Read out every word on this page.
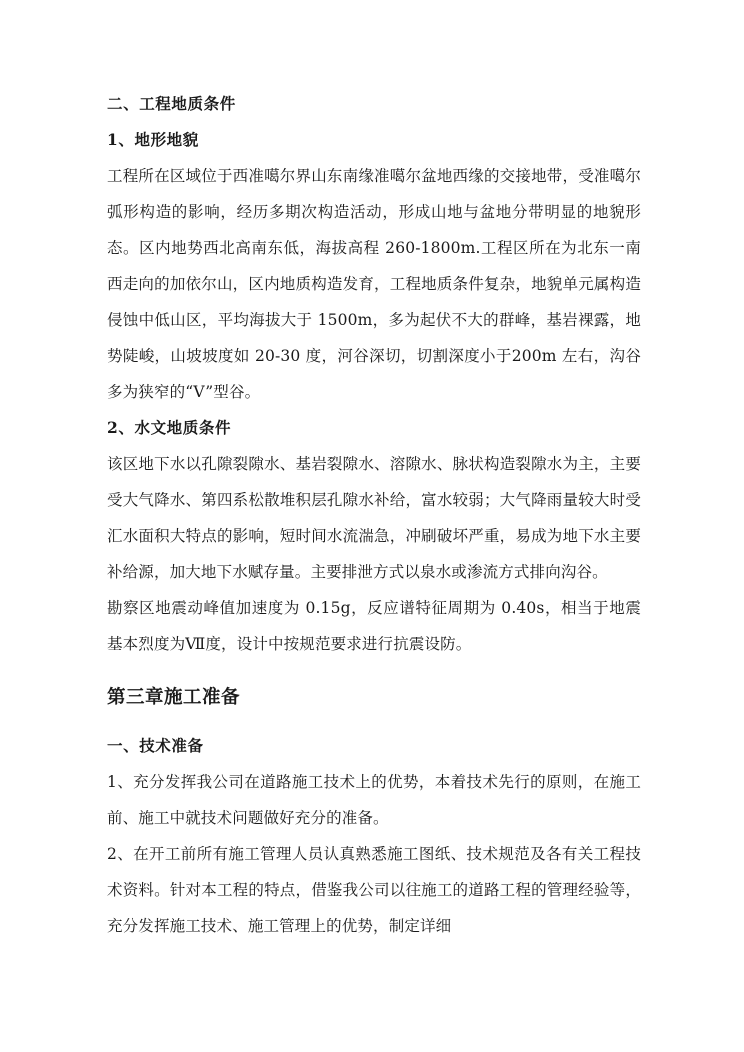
二、工程地质条件
1、地形地貌

工程所在区域位于西准噶尔界山东南缘准噶尔盆地西缘的交接地带，受准噶尔弧形构造的影响，经历多期次构造活动，形成山地与盆地分带明显的地貌形态。区内地势西北高南东低，海拔高程 260-1800m.工程区所在为北东一南西走向的加依尔山，区内地质构造发育，工程地质条件复杂，地貌单元属构造侵蚀中低山区，平均海拔大于 1500m，多为起伏不大的群峰，基岩裸露，地势陡峻，山坡坡度如 20-30 度，河谷深切，切割深度小于200m 左右，沟谷多为狭窄的“V”型谷。

2、水文地质条件

该区地下水以孔隙裂隙水、基岩裂隙水、溶隙水、脉状构造裂隙水为主，主要受大气降水、第四系松散堆积层孔隙水补给，富水较弱；大气降雨量较大时受汇水面积大特点的影响，短时间水流湍急，冲刷破坏严重，易成为地下水主要补给源，加大地下水赋存量。主要排泄方式以泉水或渗流方式排向沟谷。

勘察区地震动峰值加速度为 0.15g，反应谱特征周期为 0.40s，相当于地震基本烈度为Ⅶ度，设计中按规范要求进行抗震设防。

第三章施工准备
一、技术准备

1、充分发挥我公司在道路施工技术上的优势，本着技术先行的原则，在施工前、施工中就技术问题做好充分的准备。

2、在开工前所有施工管理人员认真熟悉施工图纸、技术规范及各有关工程技术资料。针对本工程的特点，借鉴我公司以往施工的道路工程的管理经验等，充分发挥施工技术、施工管理上的优势，制定详细
